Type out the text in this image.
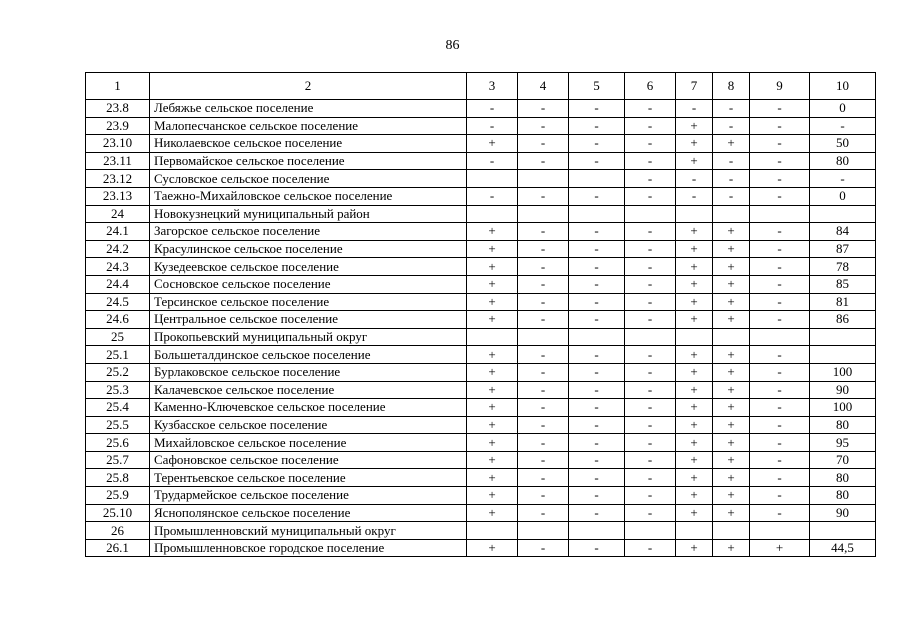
86
1	2	3	4	5	6	7	8	9	10
23.8	Лебяжье сельское поселение	-	-	-	-	-	-	-	0
23.9	Малопесчанское сельское поселение	-	-	-	-	+	-	-	-
23.10	Николаевское сельское поселение	+	-	-	-	+	+	-	50
23.11	Первомайское сельское поселение	-	-	-	-	+	-	-	80
23.12	Сусловское сельское поселение				-	-	-	-	-
23.13	Таежно-Михайловское сельское поселение	-	-	-	-	-	-	-	0
24	Новокузнецкий муниципальный район								
24.1	Загорское сельское поселение	+	-	-	-	+	+	-	84
24.2	Красулинское сельское поселение	+	-	-	-	+	+	-	87
24.3	Кузедеевское сельское поселение	+	-	-	-	+	+	-	78
24.4	Сосновское сельское поселение	+	-	-	-	+	+	-	85
24.5	Терсинское сельское поселение	+	-	-	-	+	+	-	81
24.6	Центральное сельское поселение	+	-	-	-	+	+	-	86
25	Прокопьевский муниципальный округ								
25.1	Большеталдинское сельское поселение	+	-	-	-	+	+	-	
25.2	Бурлаковское сельское поселение	+	-	-	-	+	+	-	100
25.3	Калачевское сельское поселение	+	-	-	-	+	+	-	90
25.4	Каменно-Ключевское сельское поселение	+	-	-	-	+	+	-	100
25.5	Кузбасское сельское поселение	+	-	-	-	+	+	-	80
25.6	Михайловское сельское поселение	+	-	-	-	+	+	-	95
25.7	Сафоновское сельское поселение	+	-	-	-	+	+	-	70
25.8	Терентьевское сельское поселение	+	-	-	-	+	+	-	80
25.9	Трудармейское сельское поселение	+	-	-	-	+	+	-	80
25.10	Яснополянское сельское поселение	+	-	-	-	+	+	-	90
26	Промышленновский муниципальный округ								
26.1	Промышленновское городское поселение	+	-	-	-	+	+	+	44,5
